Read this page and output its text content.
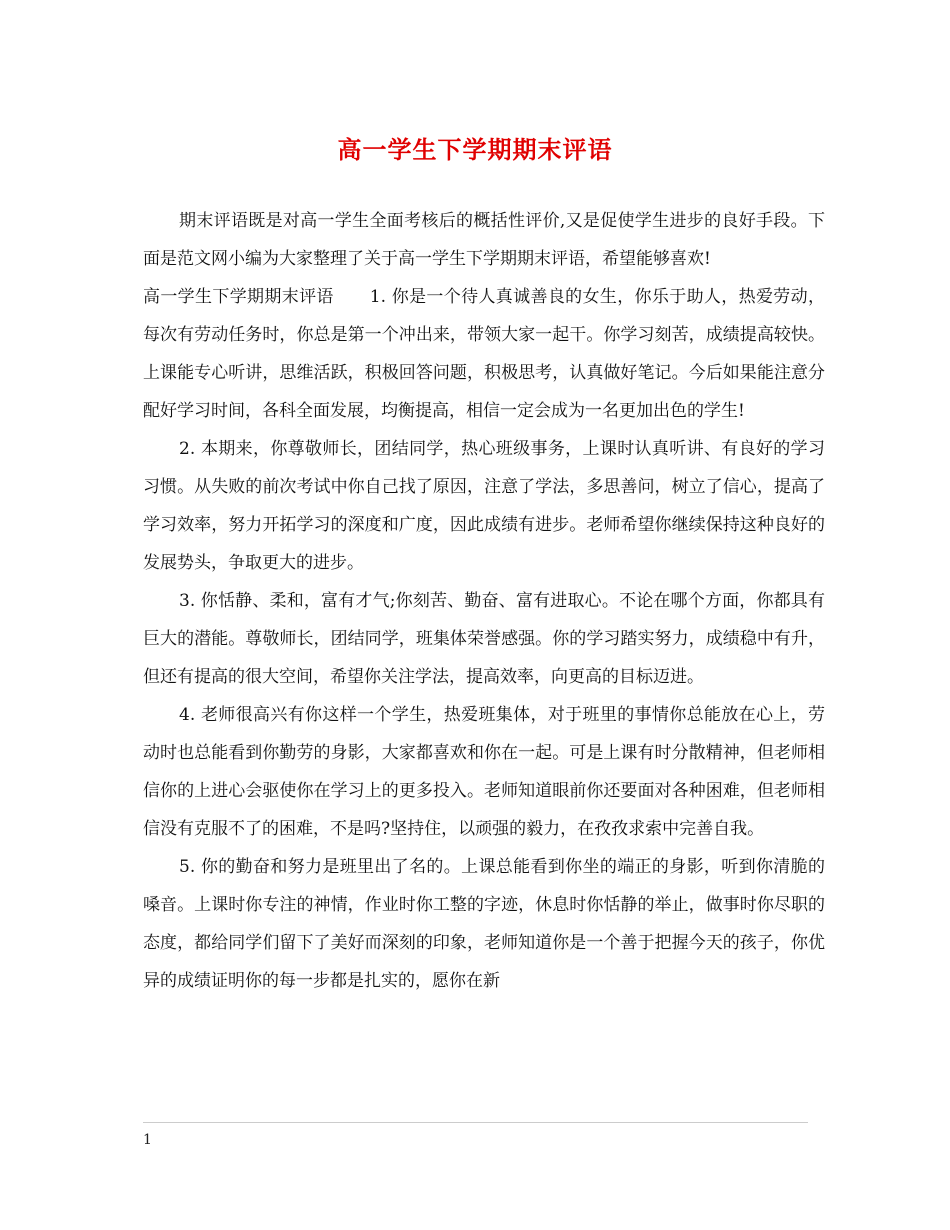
高一学生下学期期末评语

期末评语既是对高一学生全面考核后的概括性评价,又是促使学生进步的良好手段。下面是范文网小编为大家整理了关于高一学生下学期期末评语，希望能够喜欢!

高一学生下学期期末评语 1. 你是一个待人真诚善良的女生，你乐于助人，热爱劳动，每次有劳动任务时，你总是第一个冲出来，带领大家一起干。你学习刻苦，成绩提高较快。上课能专心听讲，思维活跃，积极回答问题，积极思考，认真做好笔记。今后如果能注意分配好学习时间，各科全面发展，均衡提高，相信一定会成为一名更加出色的学生!

2. 本期来，你尊敬师长，团结同学，热心班级事务，上课时认真听讲、有良好的学习习惯。从失败的前次考试中你自己找了原因，注意了学法，多思善问，树立了信心，提高了学习效率，努力开拓学习的深度和广度，因此成绩有进步。老师希望你继续保持这种良好的发展势头，争取更大的进步。

3. 你恬静、柔和，富有才气;你刻苦、勤奋、富有进取心。不论在哪个方面，你都具有巨大的潜能。尊敬师长，团结同学，班集体荣誉感强。你的学习踏实努力，成绩稳中有升，但还有提高的很大空间，希望你关注学法，提高效率，向更高的目标迈进。

4. 老师很高兴有你这样一个学生，热爱班集体，对于班里的事情你总能放在心上，劳动时也总能看到你勤劳的身影，大家都喜欢和你在一起。可是上课有时分散精神，但老师相信你的上进心会驱使你在学习上的更多投入。老师知道眼前你还要面对各种困难，但老师相信没有克服不了的困难，不是吗?坚持住，以顽强的毅力，在孜孜求索中完善自我。

5. 你的勤奋和努力是班里出了名的。上课总能看到你坐的端正的身影，听到你清脆的嗓音。上课时你专注的神情，作业时你工整的字迹，休息时你恬静的举止，做事时你尽职的态度，都给同学们留下了美好而深刻的印象，老师知道你是一个善于把握今天的孩子，你优异的成绩证明你的每一步都是扎实的，愿你在新

1
